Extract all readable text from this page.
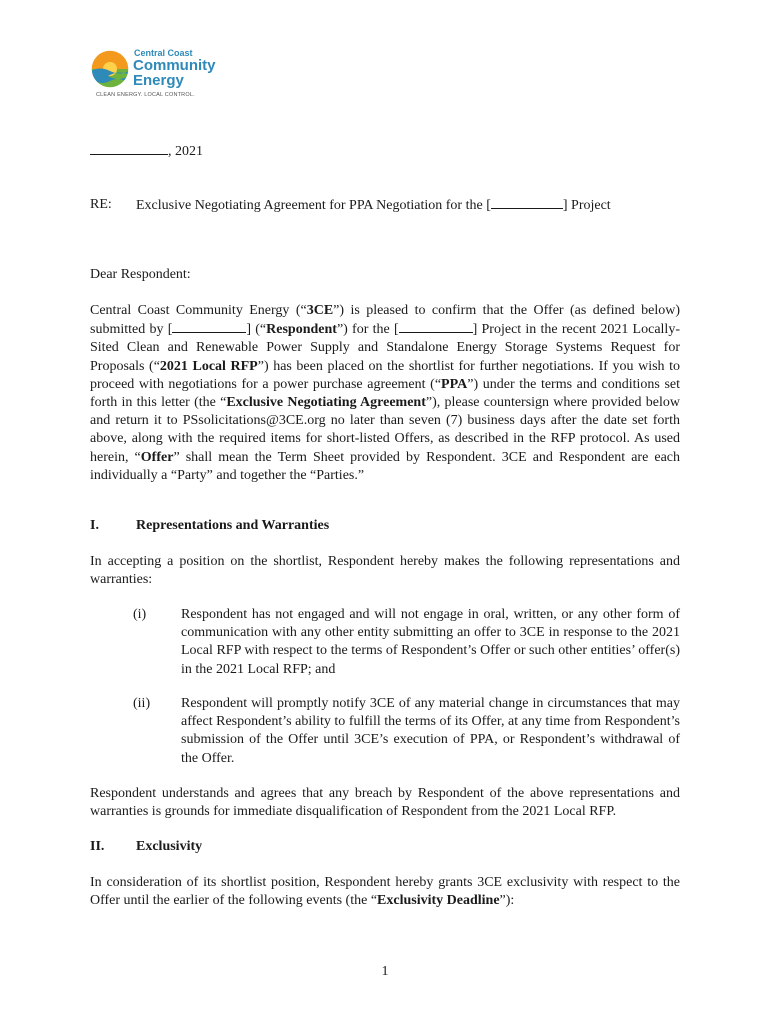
Central Coast
Community
Energy
CLEAN ENERGY. LOCAL CONTROL.
, 2021
RE: Exclusive Negotiating Agreement for PPA Negotiation for the [	] Project
Dear Respondent:
Central Coast Community Energy (“3CE”) is pleased to confirm that the Offer (as defined below) submitted by [	] (“Respondent”) for the [	] Project in the recent 2021 Locally-Sited Clean and Renewable Power Supply and Standalone Energy Storage Systems Request for Proposals (“2021 Local RFP”) has been placed on the shortlist for further negotiations. If you wish to proceed with negotiations for a power purchase agreement (“PPA”) under the terms and conditions set forth in this letter (the “Exclusive Negotiating Agreement”), please countersign where provided below and return it to PSsolicitations@3CE.org no later than seven (7) business days after the date set forth above, along with the required items for short-listed Offers, as described in the RFP protocol. As used herein, “Offer” shall mean the Term Sheet provided by Respondent. 3CE and Respondent are each individually a “Party” and together the “Parties.”
I.	Representations and Warranties
In accepting a position on the shortlist, Respondent hereby makes the following representations and warranties:
(i) Respondent has not engaged and will not engage in oral, written, or any other form of communication with any other entity submitting an offer to 3CE in response to the 2021 Local RFP with respect to the terms of Respondent’s Offer or such other entities’ offer(s) in the 2021 Local RFP; and
(ii) Respondent will promptly notify 3CE of any material change in circumstances that may affect Respondent’s ability to fulfill the terms of its Offer, at any time from Respondent’s submission of the Offer until 3CE’s execution of PPA, or Respondent’s withdrawal of the Offer.
Respondent understands and agrees that any breach by Respondent of the above representations and warranties is grounds for immediate disqualification of Respondent from the 2021 Local RFP.
II. Exclusivity
In consideration of its shortlist position, Respondent hereby grants 3CE exclusivity with respect to the Offer until the earlier of the following events (the “Exclusivity Deadline”):
1
